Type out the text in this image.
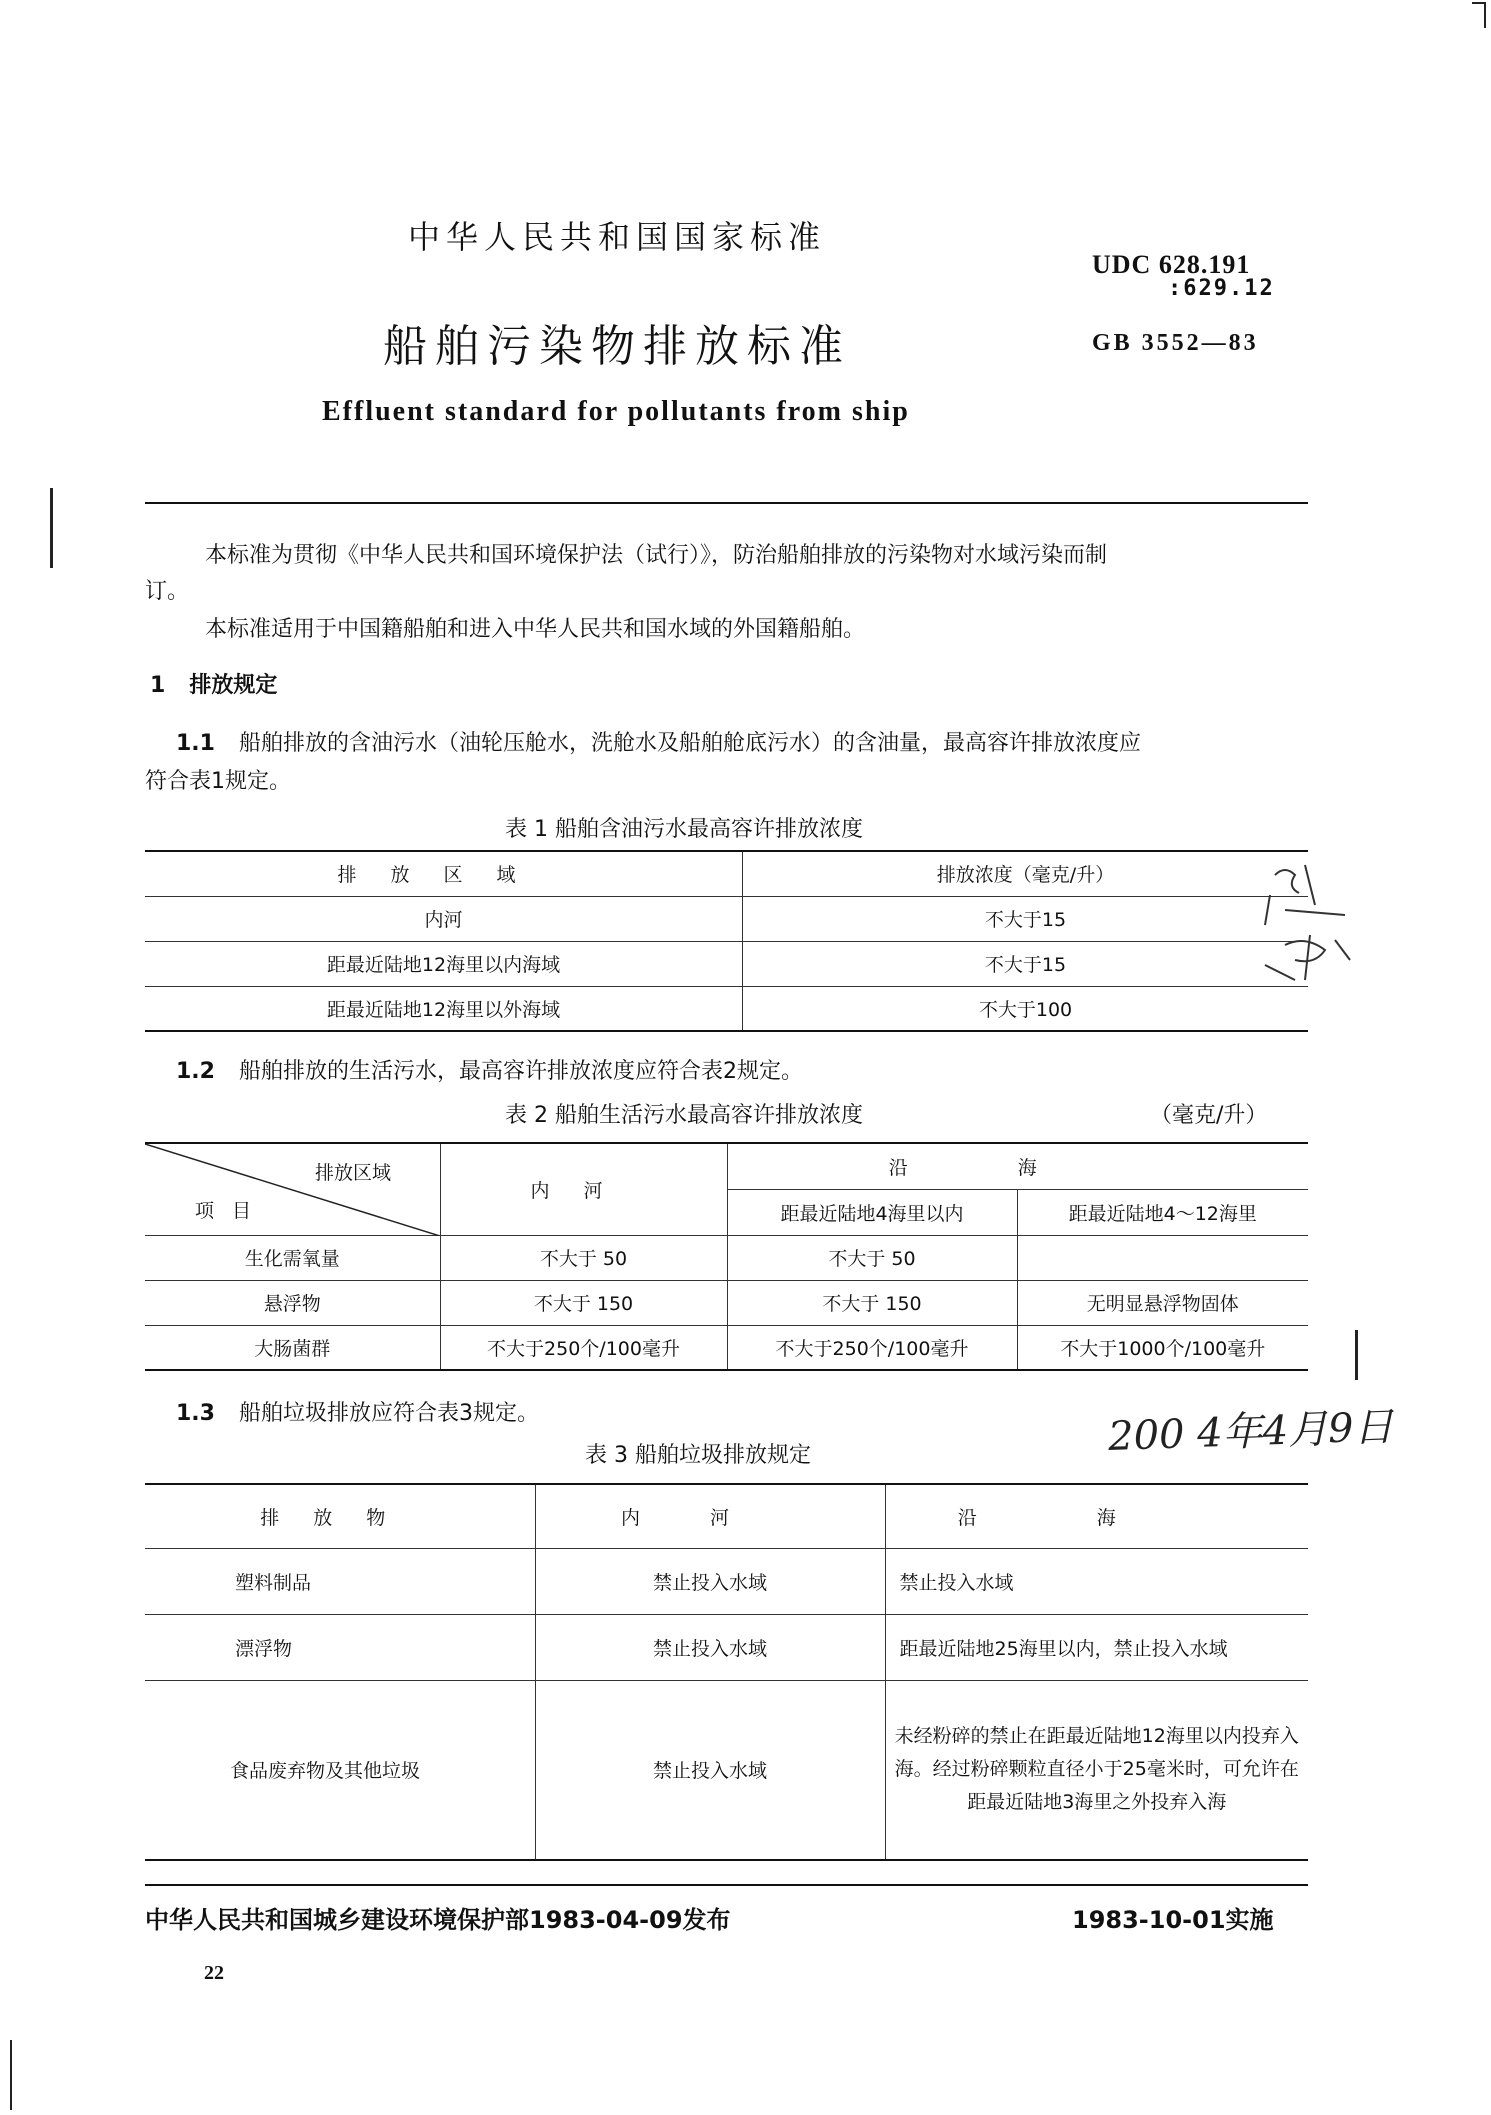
中华人民共和国国家标准
UDC 628.191
:629.12
船舶污染物排放标准	GB 3552—83
Effluent standard for pollutants from ship
本标准为贯彻《中华人民共和国环境保护法（试行）》，防治船舶排放的污染物对水域污染而制
订。
本标准适用于中国籍船舶和进入中华人民共和国水域的外国籍船舶。
1 排放规定
1.1 船舶排放的含油污水（油轮压舱水，洗舱水及船舶舱底污水）的含油量，最高容许排放浓度应
符合表1规定。
表 1 船舶含油污水最高容许排放浓度
排放区域	排放浓度（毫克/升）
内河	不大于15
距最近陆地12海里以内海域	不大于15
距最近陆地12海里以外海域	不大于100
1.2 船舶排放的生活污水，最高容许排放浓度应符合表2规定。
表 2 船舶生活污水最高容许排放浓度	（毫克/升）
排放区域
项目	内河	沿海	
		距最近陆地4海里以内	距最近陆地4～12海里
生化需氧量	不大于 50	不大于 50	
悬浮物	不大于 150	不大于 150	无明显悬浮物固体
大肠菌群	不大于250个/100毫升	不大于250个/100毫升	不大于1000个/100毫升
1.3 船舶垃圾排放应符合表3规定。	200 4年4月9日
表 3 船舶垃圾排放规定
排放物	内河	沿海
塑料制品	禁止投入水域	禁止投入水域
漂浮物	禁止投入水域	距最近陆地25海里以内，禁止投入水域
食品废弃物及其他垃圾	禁止投入水域	未经粉碎的禁止在距最近陆地12海里以内投弃入海。经过粉碎颗粒直径小于25毫米时，可允许在距最近陆地3海里之外投弃入海
中华人民共和国城乡建设环境保护部1983-04-09发布	1983-10-01实施
22
